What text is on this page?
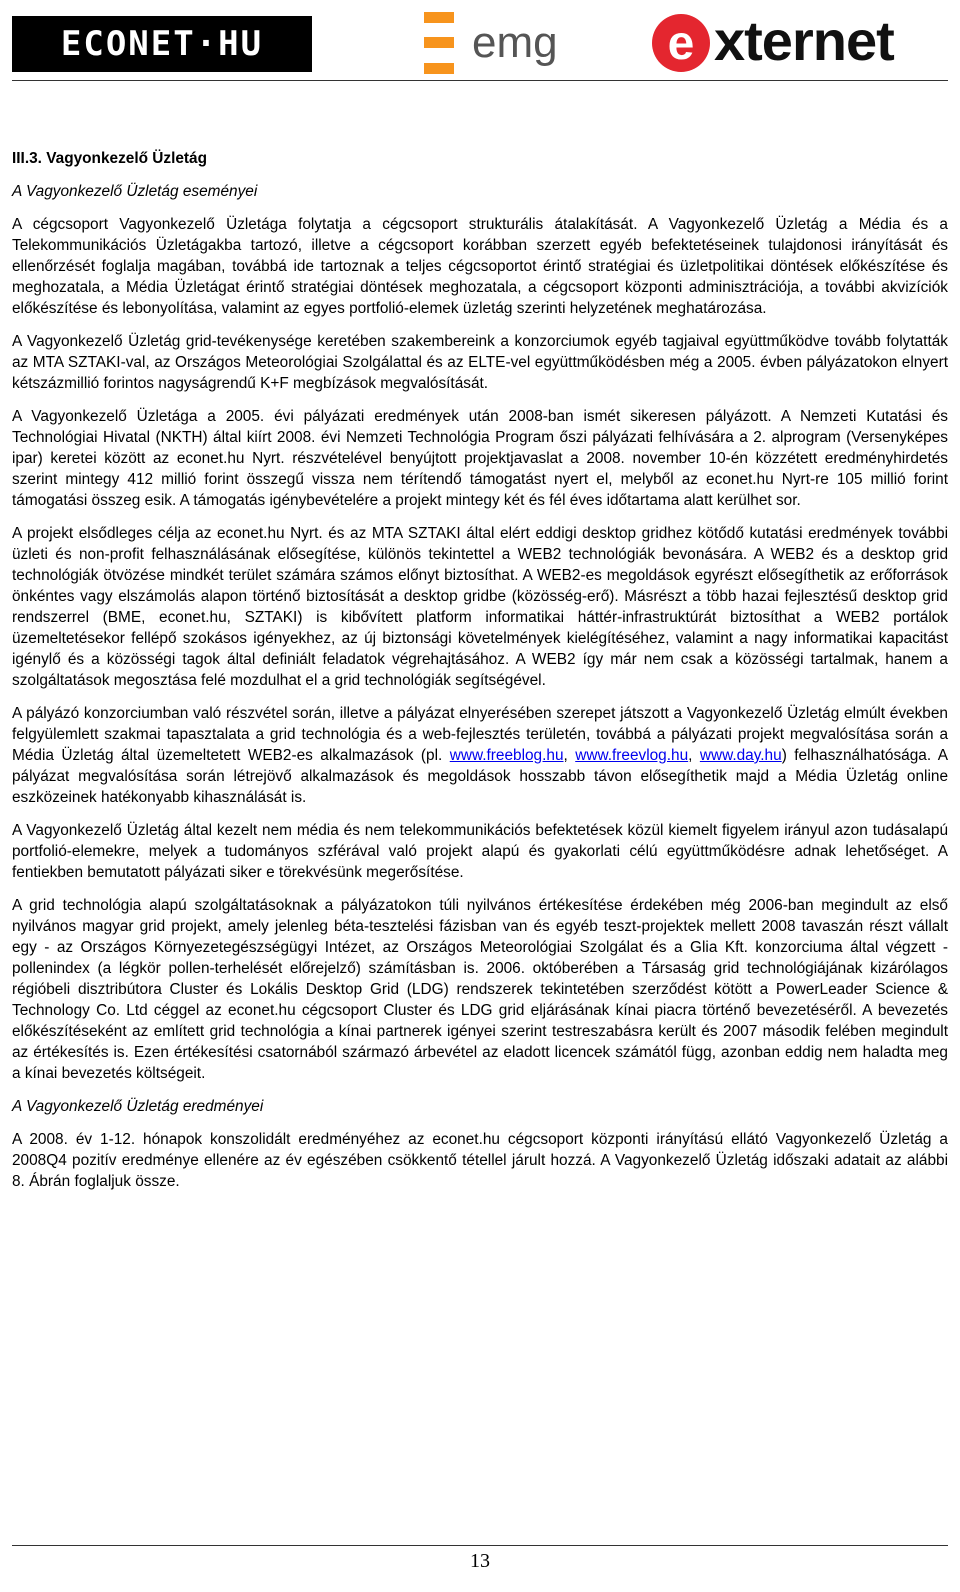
ECONET·HU	emg	e xternet
III.3. Vagyonkezelő Üzletág
A Vagyonkezelő Üzletág eseményei

A cégcsoport Vagyonkezelő Üzletága folytatja a cégcsoport strukturális átalakítását. A Vagyonkezelő Üzletág a Média és a Telekommunikációs Üzletágakba tartozó, illetve a cégcsoport korábban szerzett egyéb befektetéseinek tulajdonosi irányítását és ellenőrzését foglalja magában, továbbá ide tartoznak a teljes cégcsoportot érintő stratégiai és üzletpolitikai döntések előkészítése és meghozatala, a Média Üzletágat érintő stratégiai döntések meghozatala, a cégcsoport központi adminisztrációja, a további akvizíciók előkészítése és lebonyolítása, valamint az egyes portfolió-elemek üzletág szerinti helyzetének meghatározása.

A Vagyonkezelő Üzletág grid-tevékenysége keretében szakembereink a konzorciumok egyéb tagjaival együttműködve tovább folytatták az MTA SZTAKI-val, az Országos Meteorológiai Szolgálattal és az ELTE-vel együttműködésben még a 2005. évben pályázatokon elnyert kétszázmillió forintos nagyságrendű K+F megbízások megvalósítását.

A Vagyonkezelő Üzletága a 2005. évi pályázati eredmények után 2008-ban ismét sikeresen pályázott. A Nemzeti Kutatási és Technológiai Hivatal (NKTH) által kiírt 2008. évi Nemzeti Technológia Program őszi pályázati felhívására a 2. alprogram (Versenyképes ipar) keretei között az econet.hu Nyrt. részvételével benyújtott projektjavaslat a 2008. november 10-én közzétett eredményhirdetés szerint mintegy 412 millió forint összegű vissza nem térítendő támogatást nyert el, melyből az econet.hu Nyrt-re 105 millió forint támogatási összeg esik. A támogatás igénybevételére a projekt mintegy két és fél éves időtartama alatt kerülhet sor.

A projekt elsődleges célja az econet.hu Nyrt. és az MTA SZTAKI által elért eddigi desktop gridhez kötődő kutatási eredmények további üzleti és non-profit felhasználásának elősegítése, különös tekintettel a WEB2 technológiák bevonására. A WEB2 és a desktop grid technológiák ötvözése mindkét terület számára számos előnyt biztosíthat. A WEB2-es megoldások egyrészt elősegíthetik az erőforrások önkéntes vagy elszámolás alapon történő biztosítását a desktop gridbe (közösség-erő). Másrészt a több hazai fejlesztésű desktop grid rendszerrel (BME, econet.hu, SZTAKI) is kibővített platform informatikai háttér-infrastruktúrát biztosíthat a WEB2 portálok üzemeltetésekor fellépő szokásos igényekhez, az új biztonsági követelmények kielégítéséhez, valamint a nagy informatikai kapacitást igénylő és a közösségi tagok által definiált feladatok végrehajtásához. A WEB2 így már nem csak a közösségi tartalmak, hanem a szolgáltatások megosztása felé mozdulhat el a grid technológiák segítségével.

A pályázó konzorciumban való részvétel során, illetve a pályázat elnyerésében szerepet játszott a Vagyonkezelő Üzletág elmúlt években felgyülemlett szakmai tapasztalata a grid technológia és a web-fejlesztés területén, továbbá a pályázati projekt megvalósítása során a Média Üzletág által üzemeltetett WEB2-es alkalmazások (pl. www.freeblog.hu, www.freevlog.hu, www.day.hu) felhasználhatósága. A pályázat megvalósítása során létrejövő alkalmazások és megoldások hosszabb távon elősegíthetik majd a Média Üzletág online eszközeinek hatékonyabb kihasználását is.

A Vagyonkezelő Üzletág által kezelt nem média és nem telekommunikációs befektetések közül kiemelt figyelem irányul azon tudásalapú portfolió-elemekre, melyek a tudományos szférával való projekt alapú és gyakorlati célú együttműködésre adnak lehetőséget. A fentiekben bemutatott pályázati siker e törekvésünk megerősítése.

A grid technológia alapú szolgáltatásoknak a pályázatokon túli nyilvános értékesítése érdekében még 2006-ban megindult az első nyilvános magyar grid projekt, amely jelenleg béta-tesztelési fázisban van és egyéb teszt-projektek mellett 2008 tavaszán részt vállalt egy - az Országos Környezetegészségügyi Intézet, az Országos Meteorológiai Szolgálat és a Glia Kft. konzorciuma által végzett - pollenindex (a légkör pollen-terhelését előrejelző) számításban is. 2006. októberében a Társaság grid technológiájának kizárólagos régióbeli disztribútora Cluster és Lokális Desktop Grid (LDG) rendszerek tekintetében szerződést kötött a PowerLeader Science & Technology Co. Ltd céggel az econet.hu cégcsoport Cluster és LDG grid eljárásának kínai piacra történő bevezetéséről. A bevezetés előkészítéseként az említett grid technológia a kínai partnerek igényei szerint testreszabásra került és 2007 második felében megindult az értékesítés is. Ezen értékesítési csatornából származó árbevétel az eladott licencek számától függ, azonban eddig nem haladta meg a kínai bevezetés költségeit.

A Vagyonkezelő Üzletág eredményei

A 2008. év 1-12. hónapok konszolidált eredményéhez az econet.hu cégcsoport központi irányítású ellátó Vagyonkezelő Üzletág a 2008Q4 pozitív eredménye ellenére az év egészében csökkentő tétellel járult hozzá. A Vagyonkezelő Üzletág időszaki adatait az alábbi 8. Ábrán foglaljuk össze.

13
